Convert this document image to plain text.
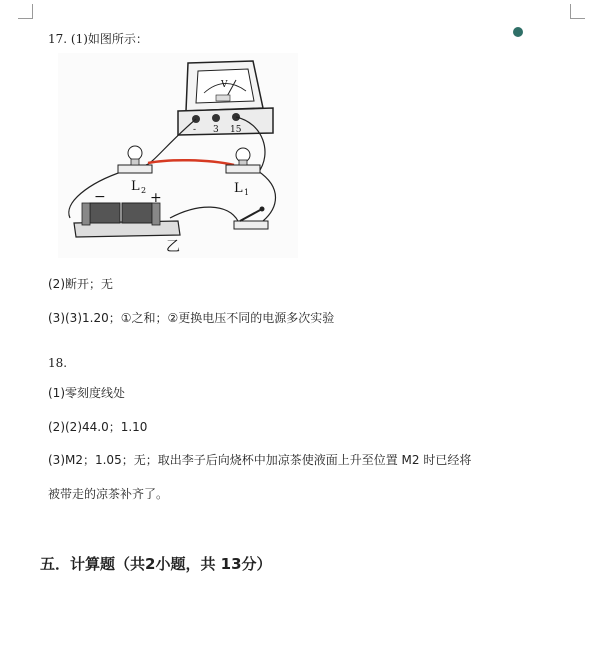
17. (1)如图所示：
V
- 3 15
L 2	L 1
−	+
乙
(2)断开；无
(3)(3)1.20；①之和；②更换电压不同的电源多次实验
18.
(1)零刻度线处
(2)(2)44.0；1.10
(3)M2；1.05；无；取出李子后向烧杯中加凉茶使液面上升至位置 M2 时已经将
被带走的凉茶补齐了。
五．计算题（共2小题，共 13分）
